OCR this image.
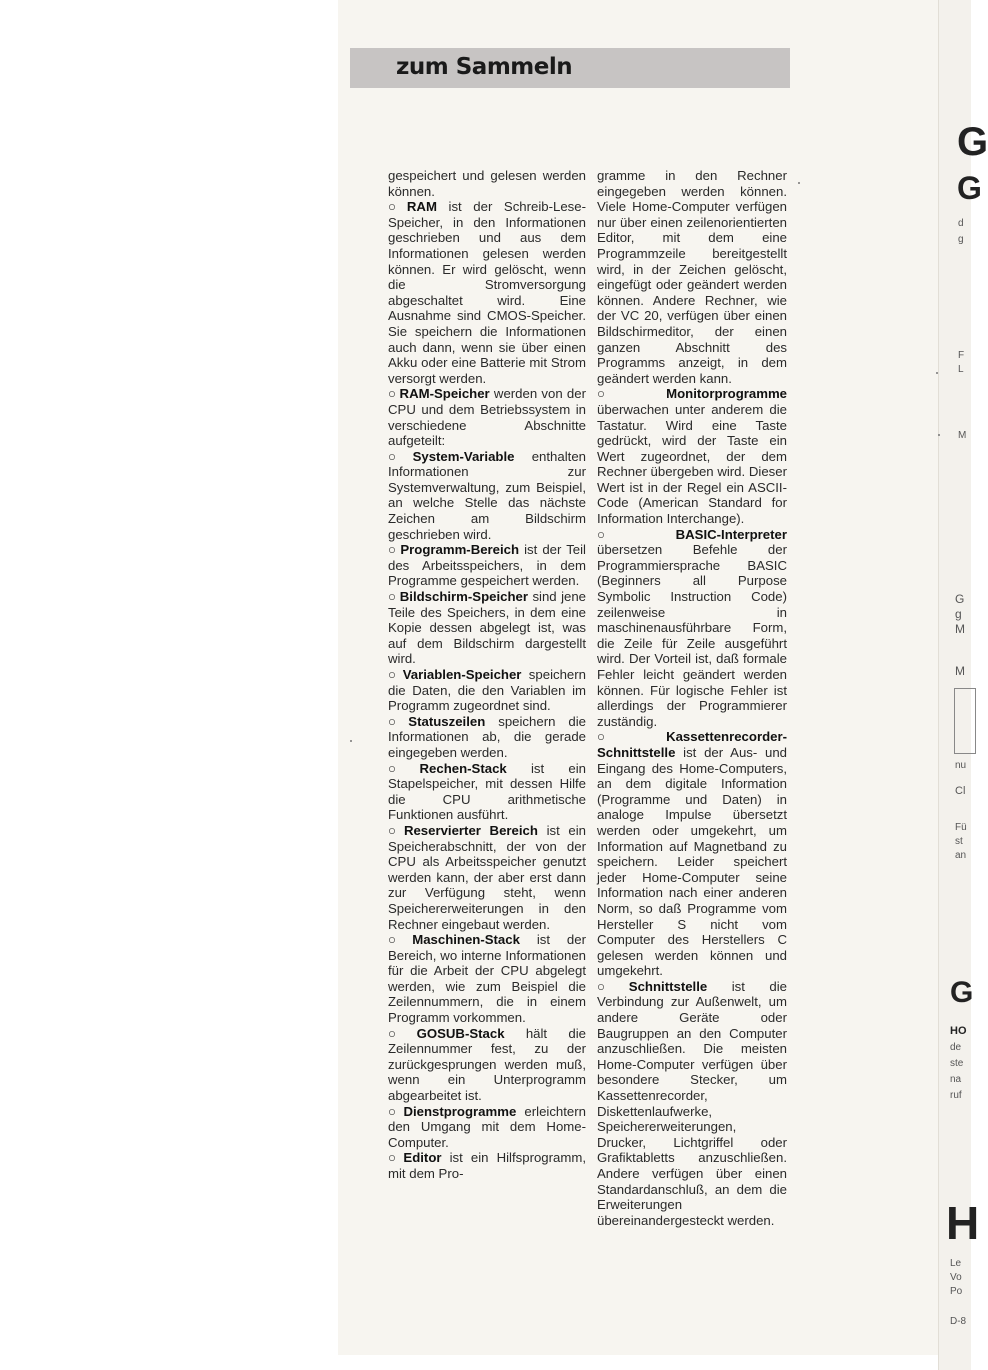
zum Sammeln

gespeichert und gelesen werden können.

○ RAM ist der Schreib-Lese-Speicher, in den Informationen geschrieben und aus dem Informationen gelesen werden können. Er wird gelöscht, wenn die Stromversorgung abgeschaltet wird. Eine Ausnahme sind CMOS-Speicher. Sie speichern die Informationen auch dann, wenn sie über einen Akku oder eine Batterie mit Strom versorgt werden.

○ RAM-Speicher werden von der CPU und dem Betriebssystem in verschiedene Abschnitte aufgeteilt:

○ System-Variable enthalten Informationen zur Systemverwaltung, zum Beispiel, an welche Stelle das nächste Zeichen am Bildschirm geschrieben wird.

○ Programm-Bereich ist der Teil des Arbeitsspeichers, in dem Programme gespeichert werden.

○ Bildschirm-Speicher sind jene Teile des Speichers, in dem eine Kopie dessen abgelegt ist, was auf dem Bildschirm dargestellt wird.

○ Variablen-Speicher speichern die Daten, die den Variablen im Programm zugeordnet sind.

○ Statuszeilen speichern die Informationen ab, die gerade eingegeben werden.

○ Rechen-Stack ist ein Stapelspeicher, mit dessen Hilfe die CPU arithmetische Funktionen ausführt.

○ Reservierter Bereich ist ein Speicherabschnitt, der von der CPU als Arbeitsspeicher genutzt werden kann, der aber erst dann zur Verfügung steht, wenn Speichererweiterungen in den Rechner eingebaut werden.

○ Maschinen-Stack ist der Bereich, wo interne Informationen für die Arbeit der CPU abgelegt werden, wie zum Beispiel die Zeilennummern, die in einem Programm vorkommen.

○ GOSUB-Stack hält die Zeilennummer fest, zu der zurückgesprungen werden muß, wenn ein Unterprogramm abgearbeitet ist.

○ Dienstprogramme erleichtern den Umgang mit dem Home-Computer.

○ Editor ist ein Hilfsprogramm, mit dem Pro-

gramme in den Rechner eingegeben werden können. Viele Home-Computer verfügen nur über einen zeilenorientierten Editor, mit dem eine Programmzeile bereitgestellt wird, in der Zeichen gelöscht, eingefügt oder geändert werden können. Andere Rechner, wie der VC 20, verfügen über einen Bildschirmeditor, der einen ganzen Abschnitt des Programms anzeigt, in dem geändert werden kann.

○ Monitorprogramme überwachen unter anderem die Tastatur. Wird eine Taste gedrückt, wird der Taste ein Wert zugeordnet, der dem Rechner übergeben wird. Dieser Wert ist in der Regel ein ASCII-Code (American Standard for Information Interchange).

○ BASIC-Interpreter übersetzen Befehle der Programmiersprache BASIC (Beginners all Purpose Symbolic Instruction Code) zeilenweise in maschinenausführbare Form, die Zeile für Zeile ausgeführt wird. Der Vorteil ist, daß formale Fehler leicht geändert werden können. Für logische Fehler ist allerdings der Programmierer zuständig.

○ Kassettenrecorder-Schnittstelle ist der Aus- und Eingang des Home-Computers, an dem digitale Information (Programme und Daten) in analoge Impulse übersetzt werden oder umgekehrt, um Information auf Magnetband zu speichern. Leider speichert jeder Home-Computer seine Information nach einer anderen Norm, so daß Programme vom Hersteller S nicht vom Computer des Herstellers C gelesen werden können und umgekehrt.

○ Schnittstelle ist die Verbindung zur Außenwelt, um andere Geräte oder Baugruppen an den Computer anzuschließen. Die meisten Home-Computer verfügen über besondere Stecker, um Kassettenrecorder, Diskettenlaufwerke, Speichererweiterungen, Drucker, Lichtgriffel oder Grafiktabletts anzuschließen. Andere verfügen über einen Standardanschluß, an dem die Erweiterungen übereinandergesteckt werden.

G
G
d
g
F
L
M
G
g
M
M
nu
Cl
Fü
st
an
G
HO
de
ste
na
ruf
H
Le
Vo
Po
D-8
